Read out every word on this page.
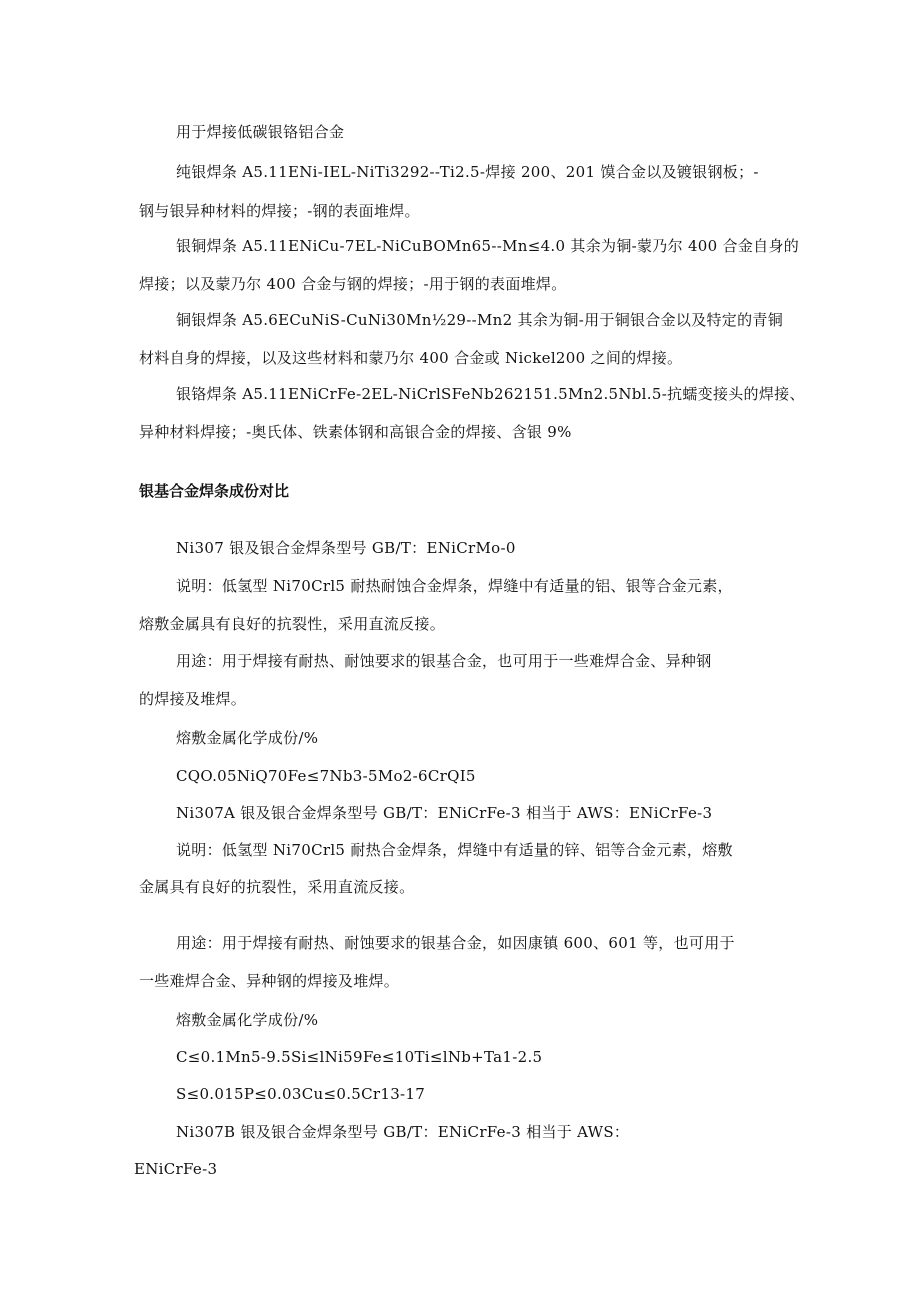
用于焊接低碳银铬铝合金

纯银焊条 A5.11ENi-IEL-NiTi3292--Ti2.5-焊接 200、201 馍合金以及镀银钢板；-

钢与银异种材料的焊接；-钢的表面堆焊。

银铜焊条 A5.11ENiCu-7EL-NiCuBOMn65--Mn≤4.0 其余为铜-蒙乃尔 400 合金自身的

焊接；以及蒙乃尔 400 合金与钢的焊接；-用于钢的表面堆焊。

铜银焊条 A5.6ECuNiS-CuNi30Mn½29--Mn2 其余为铜-用于铜银合金以及特定的青铜

材料自身的焊接，以及这些材料和蒙乃尔 400 合金或 Nickel200 之间的焊接。

银铬焊条 A5.11ENiCrFe-2EL-NiCrlSFeNb262151.5Mn2.5Nbl.5-抗蠕变接头的焊接、

异种材料焊接；-奥氏体、铁素体钢和高银合金的焊接、含银 9%

银基合金焊条成份对比

Ni307 银及银合金焊条型号 GB/T：ENiCrMo-0

说明：低氢型 Ni70Crl5 耐热耐蚀合金焊条，焊缝中有适量的铝、银等合金元素，

熔敷金属具有良好的抗裂性，采用直流反接。

用途：用于焊接有耐热、耐蚀要求的银基合金，也可用于一些难焊合金、异种钢

的焊接及堆焊。

熔敷金属化学成份/%

CQO.05NiQ70Fe≤7Nb3-5Mo2-6CrQI5

Ni307A 银及银合金焊条型号 GB/T：ENiCrFe-3 相当于 AWS：ENiCrFe-3

说明：低氢型 Ni70Crl5 耐热合金焊条，焊缝中有适量的锌、铝等合金元素，熔敷

金属具有良好的抗裂性，采用直流反接。

用途：用于焊接有耐热、耐蚀要求的银基合金，如因康镇 600、601 等，也可用于

一些难焊合金、异种钢的焊接及堆焊。

熔敷金属化学成份/%

C≤0.1Mn5-9.5Si≤lNi59Fe≤10Ti≤lNb+Ta1-2.5

S≤0.015P≤0.03Cu≤0.5Cr13-17

Ni307B 银及银合金焊条型号 GB/T：ENiCrFe-3 相当于 AWS：

ENiCrFe-3
